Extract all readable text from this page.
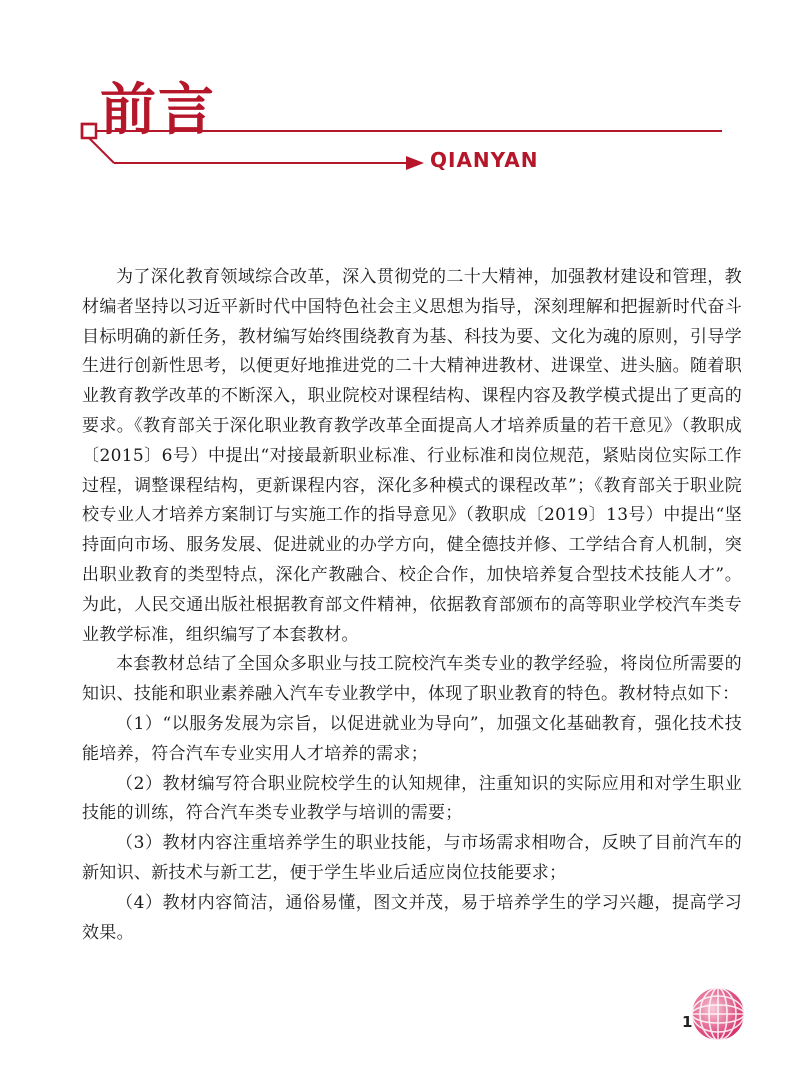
前言
QIANYAN

为了深化教育领域综合改革，深入贯彻党的二十大精神，加强教材建设和管理，教材编者坚持以习近平新时代中国特色社会主义思想为指导，深刻理解和把握新时代奋斗目标明确的新任务，教材编写始终围绕教育为基、科技为要、文化为魂的原则，引导学生进行创新性思考，以便更好地推进党的二十大精神进教材、进课堂、进头脑。随着职业教育教学改革的不断深入，职业院校对课程结构、课程内容及教学模式提出了更高的要求。《教育部关于深化职业教育教学改革全面提高人才培养质量的若干意见》（教职成〔2015〕6号）中提出“对接最新职业标准、行业标准和岗位规范，紧贴岗位实际工作过程，调整课程结构，更新课程内容，深化多种模式的课程改革”；《教育部关于职业院校专业人才培养方案制订与实施工作的指导意见》（教职成〔2019〕13号）中提出“坚持面向市场、服务发展、促进就业的办学方向，健全德技并修、工学结合育人机制，突出职业教育的类型特点，深化产教融合、校企合作，加快培养复合型技术技能人才”。为此，人民交通出版社根据教育部文件精神，依据教育部颁布的高等职业学校汽车类专业教学标准，组织编写了本套教材。

本套教材总结了全国众多职业与技工院校汽车类专业的教学经验，将岗位所需要的知识、技能和职业素养融入汽车专业教学中，体现了职业教育的特色。教材特点如下：

（1）“以服务发展为宗旨，以促进就业为导向”，加强文化基础教育，强化技术技能培养，符合汽车专业实用人才培养的需求；

（2）教材编写符合职业院校学生的认知规律，注重知识的实际应用和对学生职业技能的训练，符合汽车类专业教学与培训的需要；

（3）教材内容注重培养学生的职业技能，与市场需求相吻合，反映了目前汽车的新知识、新技术与新工艺，便于学生毕业后适应岗位技能要求；

（4）教材内容简洁，通俗易懂，图文并茂，易于培养学生的学习兴趣，提高学习效果。

1
